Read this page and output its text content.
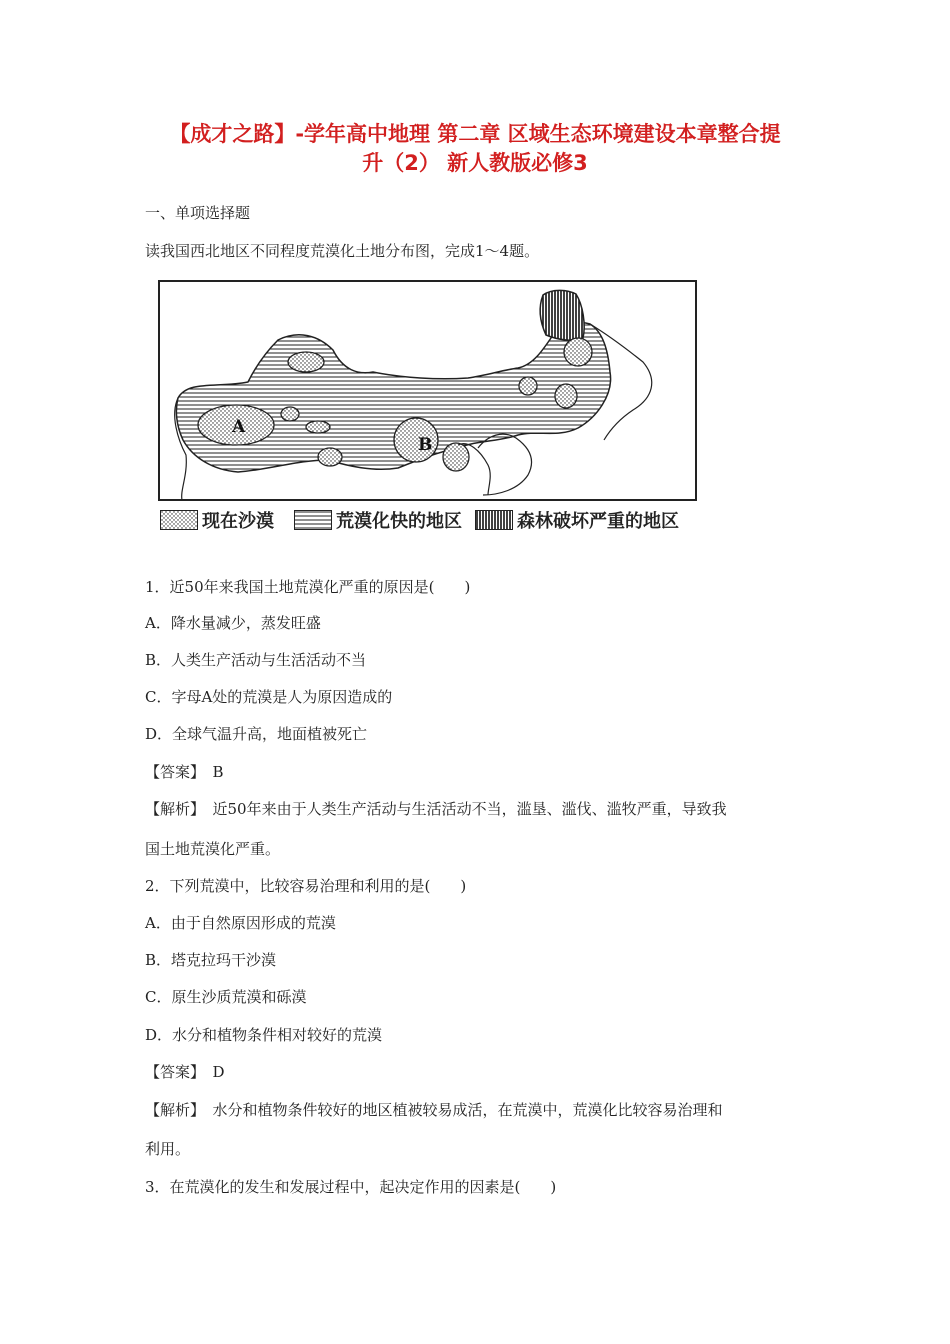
【成才之路】-学年高中地理 第二章 区域生态环境建设本章整合提
升（2） 新人教版必修3
一、单项选择题
读我国西北地区不同程度荒漠化土地分布图，完成1～4题。
A
B
现在沙漠	荒漠化快的地区	森林破坏严重的地区
1．近50年来我国土地荒漠化严重的原因是(　　)
A．降水量减少，蒸发旺盛
B．人类生产活动与生活活动不当
C．字母A处的荒漠是人为原因造成的
D．全球气温升高，地面植被死亡
【答案】　B
【解析】　近50年来由于人类生产活动与生活活动不当，滥垦、滥伐、滥牧严重，导致我
国土地荒漠化严重。
2．下列荒漠中，比较容易治理和利用的是(　　)
A．由于自然原因形成的荒漠
B．塔克拉玛干沙漠
C．原生沙质荒漠和砾漠
D．水分和植物条件相对较好的荒漠
【答案】　D
【解析】　水分和植物条件较好的地区植被较易成活，在荒漠中，荒漠化比较容易治理和
利用。
3．在荒漠化的发生和发展过程中，起决定作用的因素是(　　)
